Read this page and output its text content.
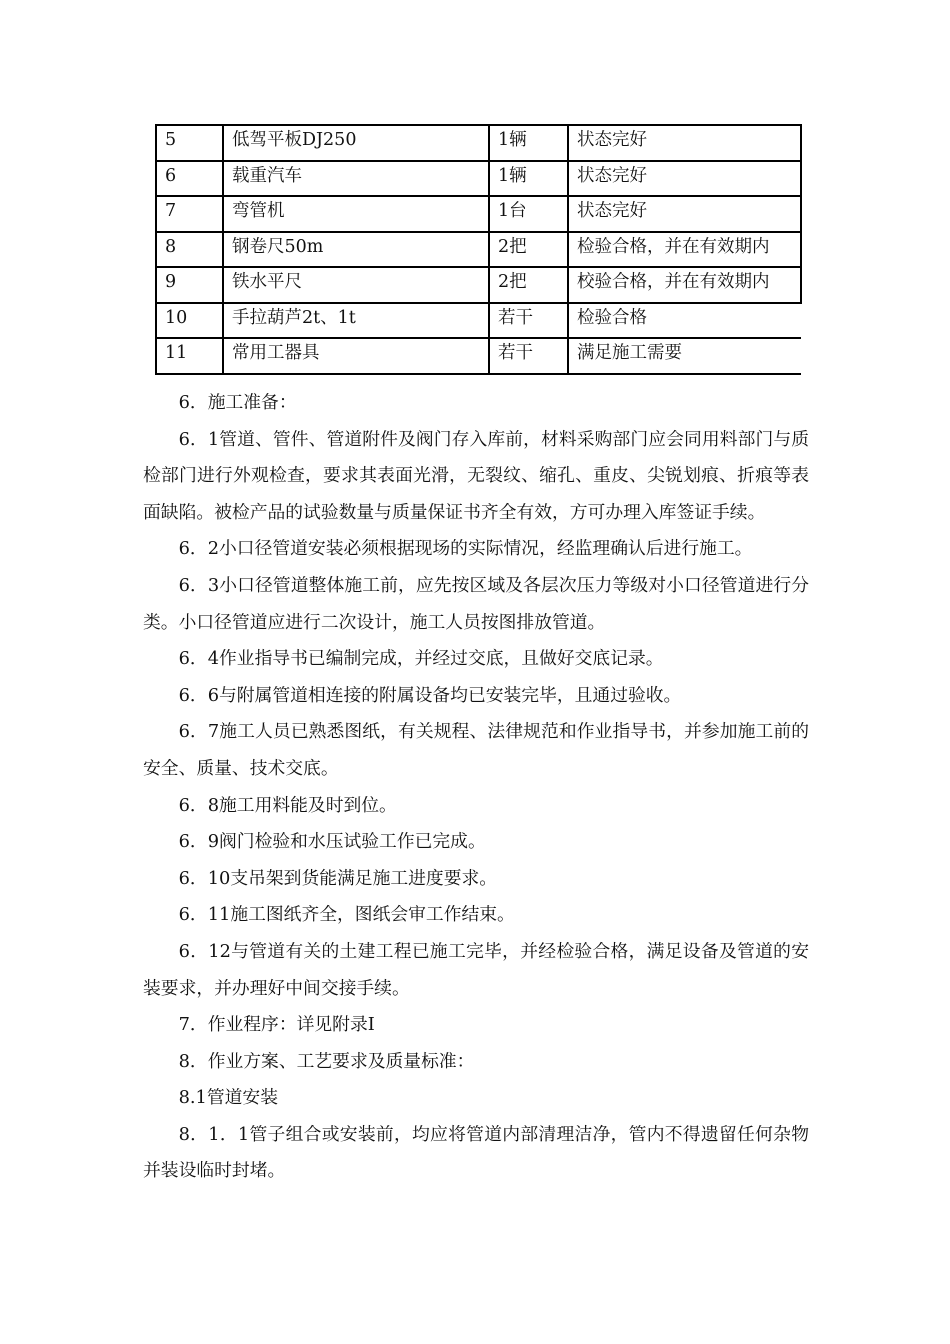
5	低驾平板DJ250	1辆	状态完好
6	载重汽车	1辆	状态完好
7	弯管机	1台	状态完好
8	钢卷尺50m	2把	检验合格，并在有效期内
9	铁水平尺	2把	校验合格，并在有效期内
10	手拉葫芦2t、1t	若干	检验合格
11	常用工器具	若干	满足施工需要

6．施工准备：

6．1管道、管件、管道附件及阀门存入库前，材料采购部门应会同用料部门与质检部门进行外观检查，要求其表面光滑，无裂纹、缩孔、重皮、尖锐划痕、折痕等表面缺陷。被检产品的试验数量与质量保证书齐全有效，方可办理入库签证手续。

6．2小口径管道安装必须根据现场的实际情况，经监理确认后进行施工。

6．3小口径管道整体施工前，应先按区域及各层次压力等级对小口径管道进行分类。小口径管道应进行二次设计，施工人员按图排放管道。

6．4作业指导书已编制完成，并经过交底，且做好交底记录。

6．6与附属管道相连接的附属设备均已安装完毕，且通过验收。

6．7施工人员已熟悉图纸，有关规程、法律规范和作业指导书，并参加施工前的安全、质量、技术交底。

6．8施工用料能及时到位。

6．9阀门检验和水压试验工作已完成。

6．10支吊架到货能满足施工进度要求。

6．11施工图纸齐全，图纸会审工作结束。

6．12与管道有关的土建工程已施工完毕，并经检验合格，满足设备及管道的安装要求，并办理好中间交接手续。

7．作业程序：详见附录Ⅰ

8．作业方案、工艺要求及质量标准：

8.1管道安装

8．1．1管子组合或安装前，均应将管道内部清理洁净，管内不得遗留任何杂物并装设临时封堵。
